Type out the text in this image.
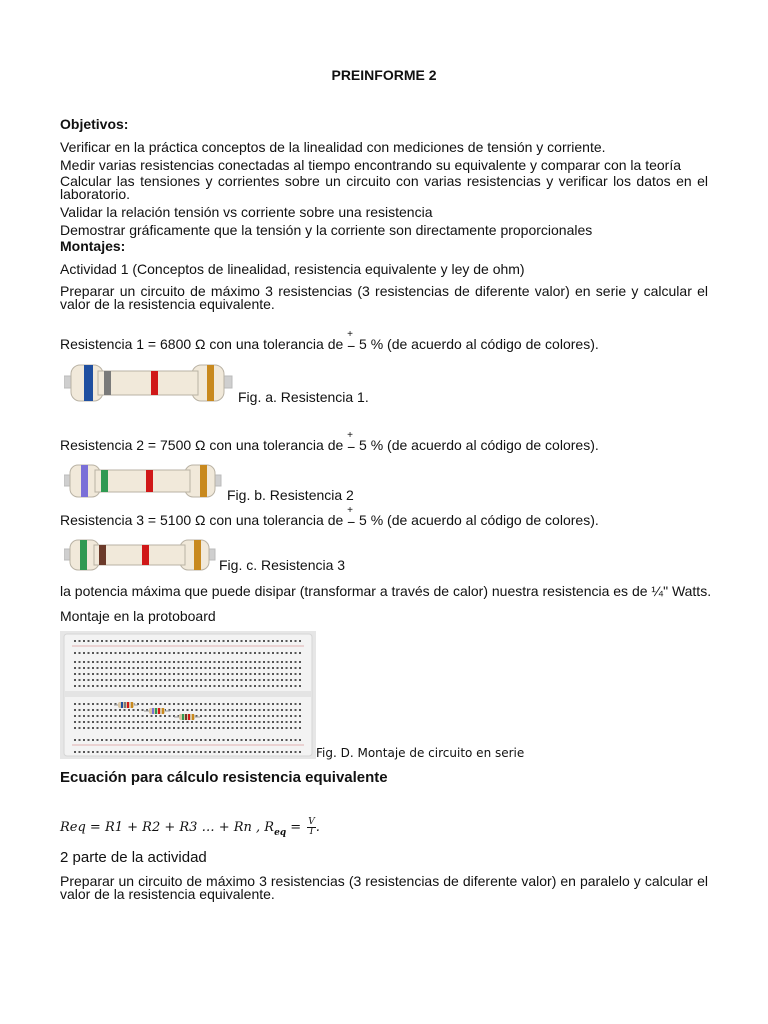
PREINFORME 2
Objetivos:
Verificar en la práctica conceptos de la linealidad con mediciones de tensión y corriente.
Medir varias resistencias conectadas al tiempo encontrando su equivalente y comparar con la teoría
Calcular las tensiones y corrientes sobre un circuito con varias resistencias y verificar los datos en el laboratorio.
Validar la relación tensión vs corriente sobre una resistencia
Demostrar gráficamente que la tensión y la corriente son directamente proporcionales
Montajes:
Actividad 1 (Conceptos de linealidad, resistencia equivalente y ley de ohm)
Preparar un circuito de máximo 3 resistencias (3 resistencias de diferente valor) en serie y calcular el valor de la resistencia equivalente.
Resistencia 1 = 6800 Ω con una tolerancia de
+
− 5 % (de acuerdo al código de colores).
Fig. a. Resistencia 1.
Resistencia 2 = 7500 Ω con una tolerancia de
+
− 5 % (de acuerdo al código de colores).
Fig. b. Resistencia 2
Resistencia 3 = 5100 Ω con una tolerancia de
+
− 5 % (de acuerdo al código de colores).
Fig. c. Resistencia 3
la potencia máxima que puede disipar (transformar a través de calor) nuestra resistencia es de ¼" Watts.
Montaje en la protoboard
Fig. D. Montaje de circuito en serie
Ecuación para cálculo resistencia equivalente
Req = R1 + R2 + R3 … + Rn , $R_{eq} = \frac{V}{I}$ .
2 parte de la actividad
Preparar un circuito de máximo 3 resistencias (3 resistencias de diferente valor) en paralelo y calcular el valor de la resistencia equivalente.
